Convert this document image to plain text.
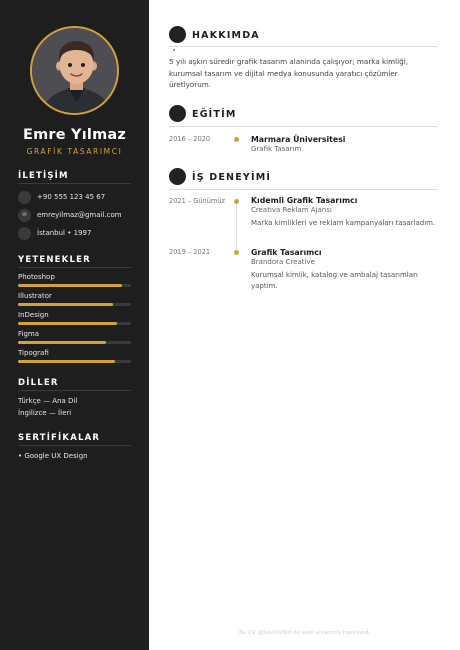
Emre Yılmaz
GRAFİK TASARIMCI
İLETİŞİM
+90 555 123 45 67
✉	emreyilmaz@gmail.com
İstanbul • 1997
YETENEKLER
Photoshop
Illustrator
InDesign
Figma
Tipografi
DİLLER
Türkçe — Ana Dil
İngilizce — İleri
SERTİFİKALAR
• Google UX Design
HAKKIMDA
5 yılı aşkın süredir grafik tasarım alanında çalışıyor; marka kimliği, kurumsal tasarım ve dijital medya konusunda yaratıcı çözümler üretiyorum.
EĞİTİM
2016 – 2020	Marmara Üniversitesi
Grafik Tasarım
İŞ DENEYİMİ
2021 – Günümüz	Kıdemli Grafik Tasarımcı
Creativa Reklam Ajansı
Marka kimlikleri ve reklam kampanyaları tasarladım.
2019 – 2021	Grafik Tasarımcı
Brandora Creative
Kurumsal kimlik, katalog ve ambalaj tasarımları yaptım.
Bu CV @SeviCVBot ile sesli anlatımla hazırlandı
